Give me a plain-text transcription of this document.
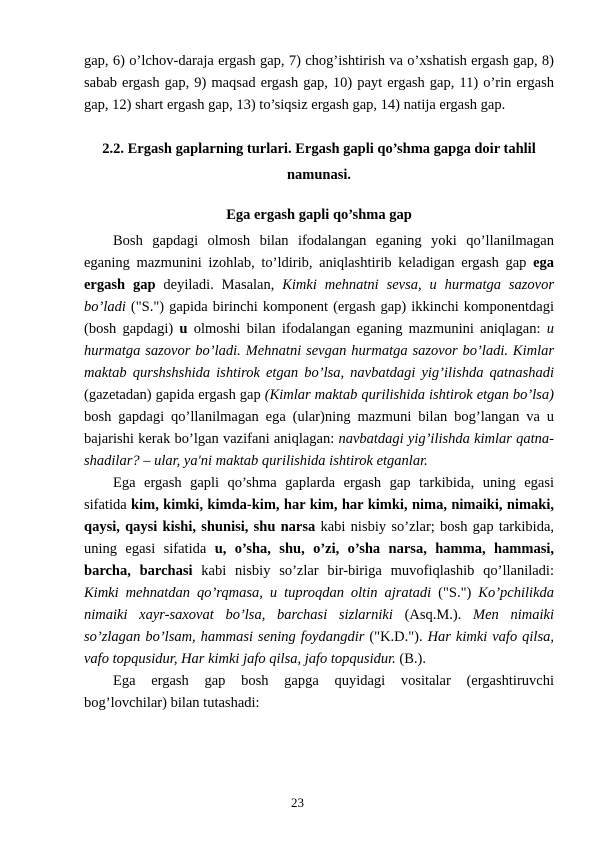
gap, 6) o’lchov-daraja ergash gap, 7) chog’ishtirish va o’xshatish ergash gap, 8) sabab ergash gap, 9) maqsad ergash gap, 10) payt ergash gap, 11) o’rin ergash gap, 12) shart ergash gap, 13) to’siqsiz ergash gap, 14) natija ergash gap.

2.2. Ergash gaplarning turlari. Ergash gapli qo’shma gapga doir tahlil namunasi.
Ega ergash gapli qo’shma gap

Bosh gapdagi olmosh bilan ifodalangan eganing yoki qo’llanilmagan eganing mazmunini izohlab, to’ldirib, aniqlashtirib keladigan ergash gap ega ergash gap deyiladi. Masalan, Kimki mehnatni sevsa, u hurmatga sazovor bo’ladi ("S.") gapida birinchi komponent (ergash gap) ikkinchi komponentdagi (bosh gapdagi) u olmoshi bilan ifodalangan eganing mazmunini aniqlagan: u hurmatga sazovor bo’ladi. Mehnatni sevgan hurmatga sazovor bo’ladi. Kimlar maktab qurshshshida ishtirok etgan bo’lsa, navbatdagi yig’ilishda qatnashadi (gazetadan) gapida ergash gap (Kimlar maktab qurilishida ishtirok etgan bo’lsa) bosh gapdagi qo’llanilmagan ega (ular)ning mazmuni bilan bog’langan va u bajarishi kerak bo’lgan vazifani aniqlagan: navbatdagi yig’ilishda kimlar qatna-shadilar? – ular, ya'ni maktab qurilishida ishtirok etganlar.

Ega ergash gapli qo’shma gaplarda ergash gap tarkibida, uning egasi sifatida kim, kimki, kimda-kim, har kim, har kimki, nima, nimaiki, nimaki, qaysi, qaysi kishi, shunisi, shu narsa kabi nisbiy so’zlar; bosh gap tarkibida, uning egasi sifatida u, o’sha, shu, o’zi, o’sha narsa, hamma, hammasi, barcha, barchasi kabi nisbiy so’zlar bir-biriga muvofiqlashib qo’llaniladi: Kimki mehnatdan qo’rqmasa, u tuproqdan oltin ajratadi ("S.") Ko’pchilikda nimaiki xayr-saxovat bo’lsa, barchasi sizlarniki (Asq.M.). Men nimaiki so’zlagan bo’lsam, hammasi sening foydangdir ("K.D."). Har kimki vafo qilsa, vafo topqusidur, Har kimki jafo qilsa, jafo topqusidur. (B.).

Ega ergash gap bosh gapga quyidagi vositalar (ergashtiruvchi bog’lovchilar) bilan tutashadi:

23
